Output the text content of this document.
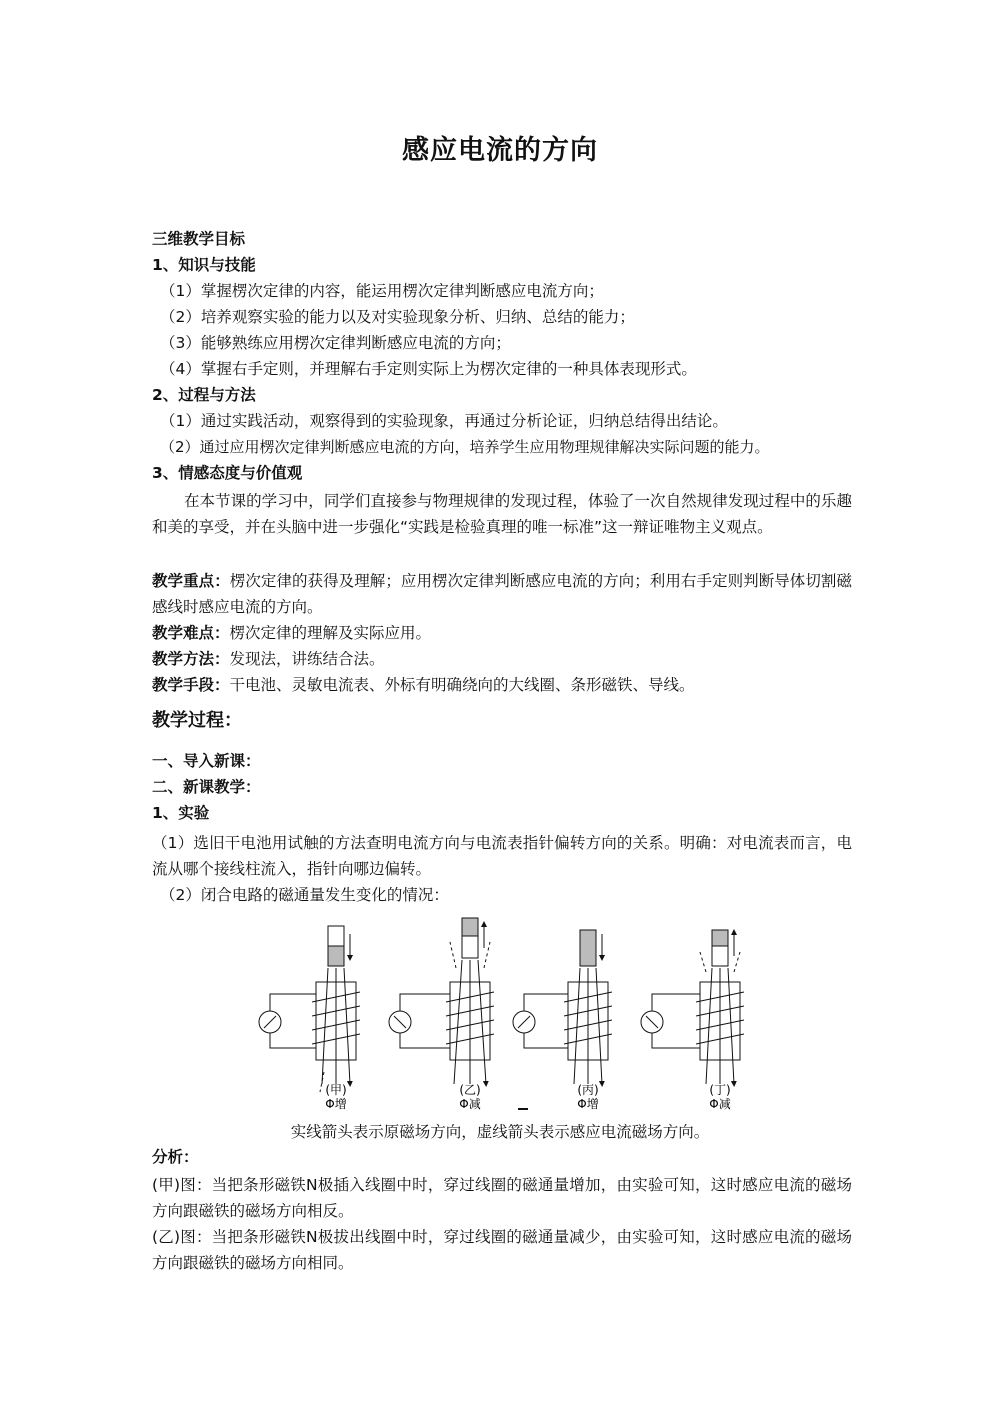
感应电流的方向
三维教学目标
1、知识与技能
（1）掌握楞次定律的内容，能运用楞次定律判断感应电流方向；
（2）培养观察实验的能力以及对实验现象分析、归纳、总结的能力；
（3）能够熟练应用楞次定律判断感应电流的方向；
（4）掌握右手定则，并理解右手定则实际上为楞次定律的一种具体表现形式。
2、过程与方法
（1）通过实践活动，观察得到的实验现象，再通过分析论证，归纳总结得出结论。
（2）通过应用楞次定律判断感应电流的方向，培养学生应用物理规律解决实际问题的能力。
3、情感态度与价值观
在本节课的学习中，同学们直接参与物理规律的发现过程，体验了一次自然规律发现过程中的乐趣和美的享受，并在头脑中进一步强化“实践是检验真理的唯一标准”这一辩证唯物主义观点。
教学重点：楞次定律的获得及理解；应用楞次定律判断感应电流的方向；利用右手定则判断导体切割磁感线时感应电流的方向。
教学难点：楞次定律的理解及实际应用。
教学方法：发现法，讲练结合法。
教学手段：干电池、灵敏电流表、外标有明确绕向的大线圈、条形磁铁、导线。
教学过程：
一、导入新课：
二、新课教学：
1、实验
（1）选旧干电池用试触的方法查明电流方向与电流表指针偏转方向的关系。明确：对电流表而言，电流从哪个接线柱流入，指针向哪边偏转。
（2）闭合电路的磁通量发生变化的情况：
(甲)
Φ增
(乙)
Φ减
(丙)
Φ增
(丁)
Φ减
实线箭头表示原磁场方向，虚线箭头表示感应电流磁场方向。
分析：
(甲)图：当把条形磁铁N极插入线圈中时，穿过线圈的磁通量增加，由实验可知，这时感应电流的磁场方向跟磁铁的磁场方向相反。
(乙)图：当把条形磁铁N极拔出线圈中时，穿过线圈的磁通量减少，由实验可知，这时感应电流的磁场方向跟磁铁的磁场方向相同。
